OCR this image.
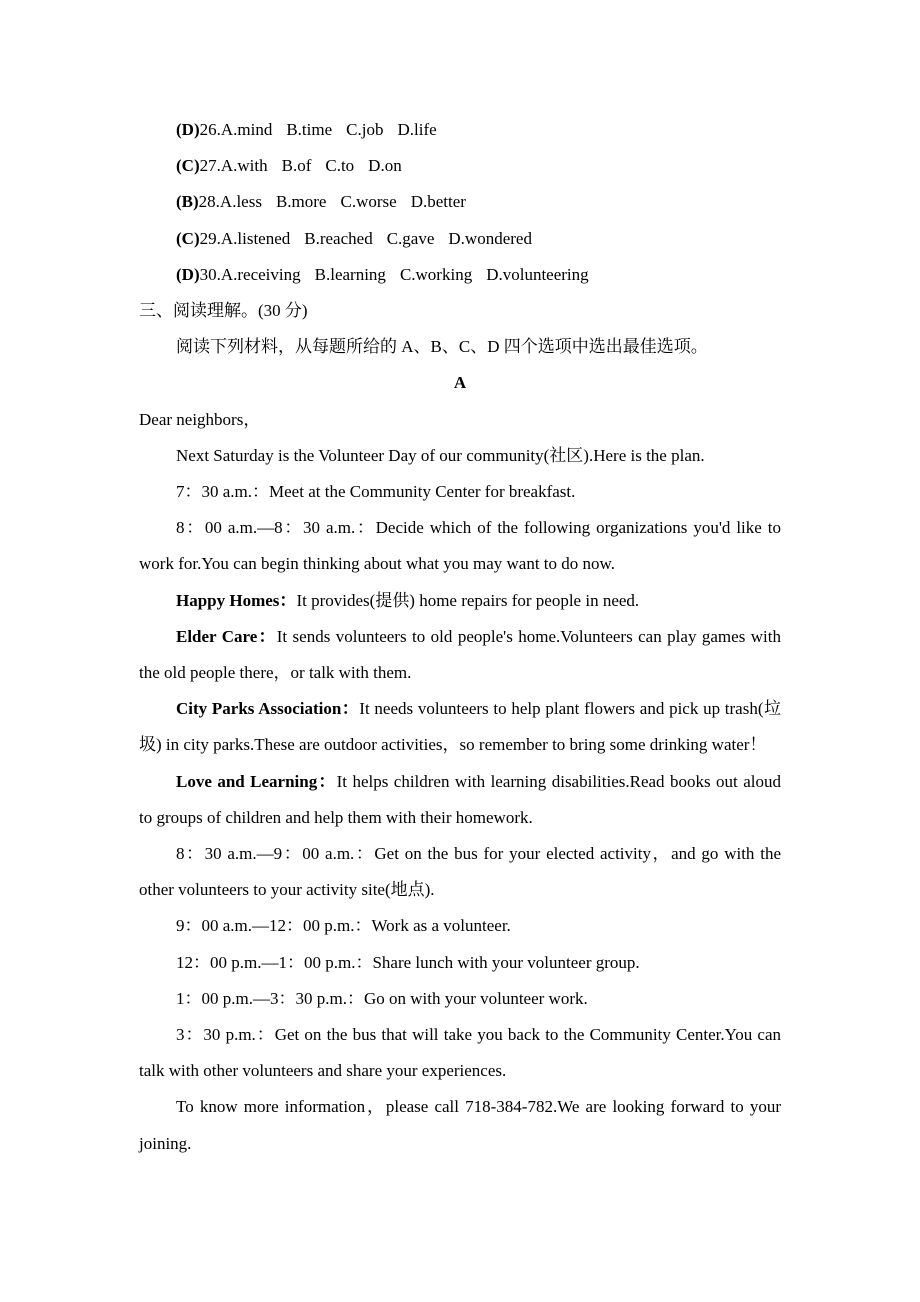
(D)26.A.mind B.time C.job D.life

(C)27.A.with B.of C.to D.on

(B)28.A.less B.more C.worse D.better

(C)29.A.listened B.reached C.gave D.wondered

(D)30.A.receiving B.learning C.working D.volunteering

三、阅读理解。(30 分)

阅读下列材料，从每题所给的 A、B、C、D 四个选项中选出最佳选项。

A

Dear neighbors，

Next Saturday is the Volunteer Day of our community(社区).Here is the plan.

7：30 a.m.：Meet at the Community Center for breakfast.

8：00 a.m.—8：30 a.m.：Decide which of the following organizations you'd like to work for.You can begin thinking about what you may want to do now.

Happy Homes：It provides(提供) home repairs for people in need.

Elder Care：It sends volunteers to old people's home.Volunteers can play games with the old people there，or talk with them.

City Parks Association：It needs volunteers to help plant flowers and pick up trash(垃圾) in city parks.These are outdoor activities，so remember to bring some drinking water！

Love and Learning：It helps children with learning disabilities.Read books out aloud to groups of children and help them with their homework.

8：30 a.m.—9：00 a.m.：Get on the bus for your elected activity，and go with the other volunteers to your activity site(地点).

9：00 a.m.—12：00 p.m.：Work as a volunteer.

12：00 p.m.—1：00 p.m.：Share lunch with your volunteer group.

1：00 p.m.—3：30 p.m.：Go on with your volunteer work.

3：30 p.m.：Get on the bus that will take you back to the Community Center.You can talk with other volunteers and share your experiences.

To know more information，please call 718-384-782.We are looking forward to your joining.
